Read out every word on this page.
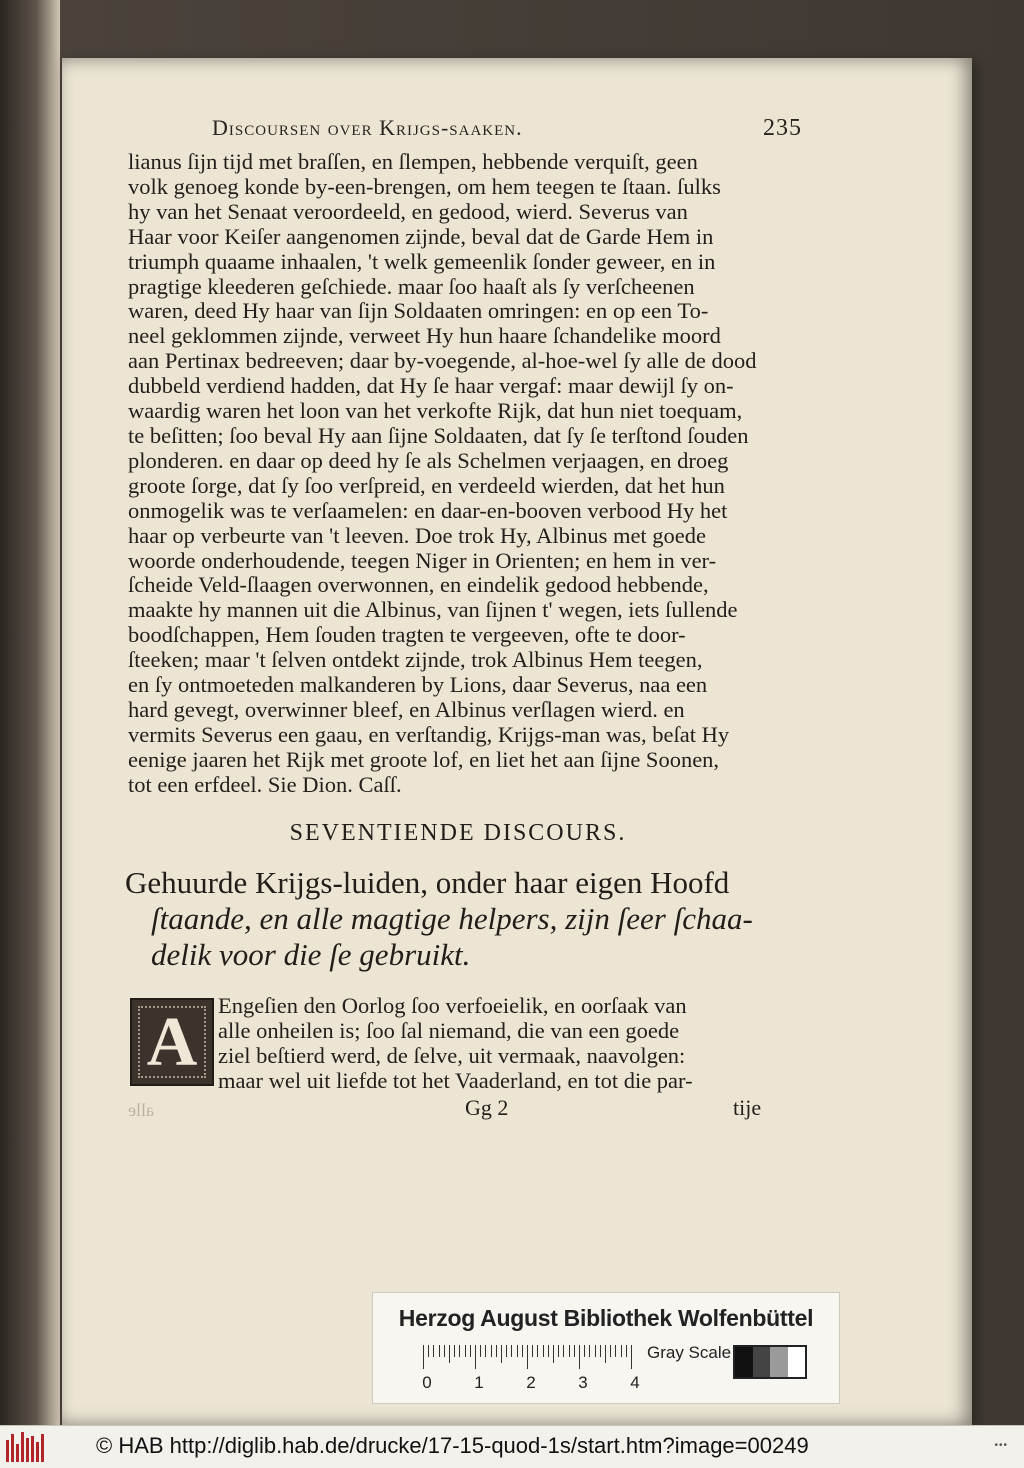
Discoursen over Krijgs-saaken.	235
lianus ſijn tijd met braſſen, en ſlempen, hebbende verquiſt, geen
volk genoeg konde by-een-brengen, om hem teegen te ſtaan. ſulks
hy van het Senaat veroordeeld, en gedood, wierd. Severus van
Haar voor Keiſer aangenomen zijnde, beval dat de Garde Hem in
triumph quaame inhaalen, 't welk gemeenlik ſonder geweer, en in
pragtige kleederen geſchiede. maar ſoo haaſt als ſy verſcheenen
waren, deed Hy haar van ſijn Soldaaten omringen: en op een To-
neel geklommen zijnde, verweet Hy hun haare ſchandelike moord
aan Pertinax bedreeven; daar by-voegende, al-hoe-wel ſy alle de dood
dubbeld verdiend hadden, dat Hy ſe haar vergaf: maar dewijl ſy on-
waardig waren het loon van het verkofte Rijk, dat hun niet toequam,
te beſitten; ſoo beval Hy aan ſijne Soldaaten, dat ſy ſe terſtond ſouden
plonderen. en daar op deed hy ſe als Schelmen verjaagen, en droeg
groote ſorge, dat ſy ſoo verſpreid, en verdeeld wierden, dat het hun
onmogelik was te verſaamelen: en daar-en-booven verbood Hy het
haar op verbeurte van 't leeven. Doe trok Hy, Albinus met goede
woorde onderhoudende, teegen Niger in Orienten; en hem in ver-
ſcheide Veld-ſlaagen overwonnen, en eindelik gedood hebbende,
maakte hy mannen uit die Albinus, van ſijnen t' wegen, iets ſullende
boodſchappen, Hem ſouden tragten te vergeeven, ofte te door-
ſteeken; maar 't ſelven ontdekt zijnde, trok Albinus Hem teegen,
en ſy ontmoeteden malkanderen by Lions, daar Severus, naa een
hard gevegt, overwinner bleef, en Albinus verſlagen wierd. en
vermits Severus een gaau, en verſtandig, Krijgs-man was, beſat Hy
eenige jaaren het Rijk met groote lof, en liet het aan ſijne Soonen,
tot een erfdeel. Sie Dion. Caſſ.
SEVENTIENDE DISCOURS.
Gehuurde Krijgs-luiden, onder haar eigen Hoofd
ſtaande, en alle magtige helpers, zijn ſeer ſchaa-
delik voor die ſe gebruikt.
A Engeſien den Oorlog ſoo verfoeielik, en oorſaak van
alle onheilen is; ſoo ſal niemand, die van een goede
ziel beſtierd werd, de ſelve, uit vermaak, naavolgen:
maar wel uit liefde tot het Vaaderland, en tot die par-
alle	Gg 2	tije
Herzog August Bibliothek Wolfenbüttel
0	1	2	3	4
Gray Scale
© HAB http://diglib.hab.de/drucke/17-15-quod-1s/start.htm?image=00249	•••
